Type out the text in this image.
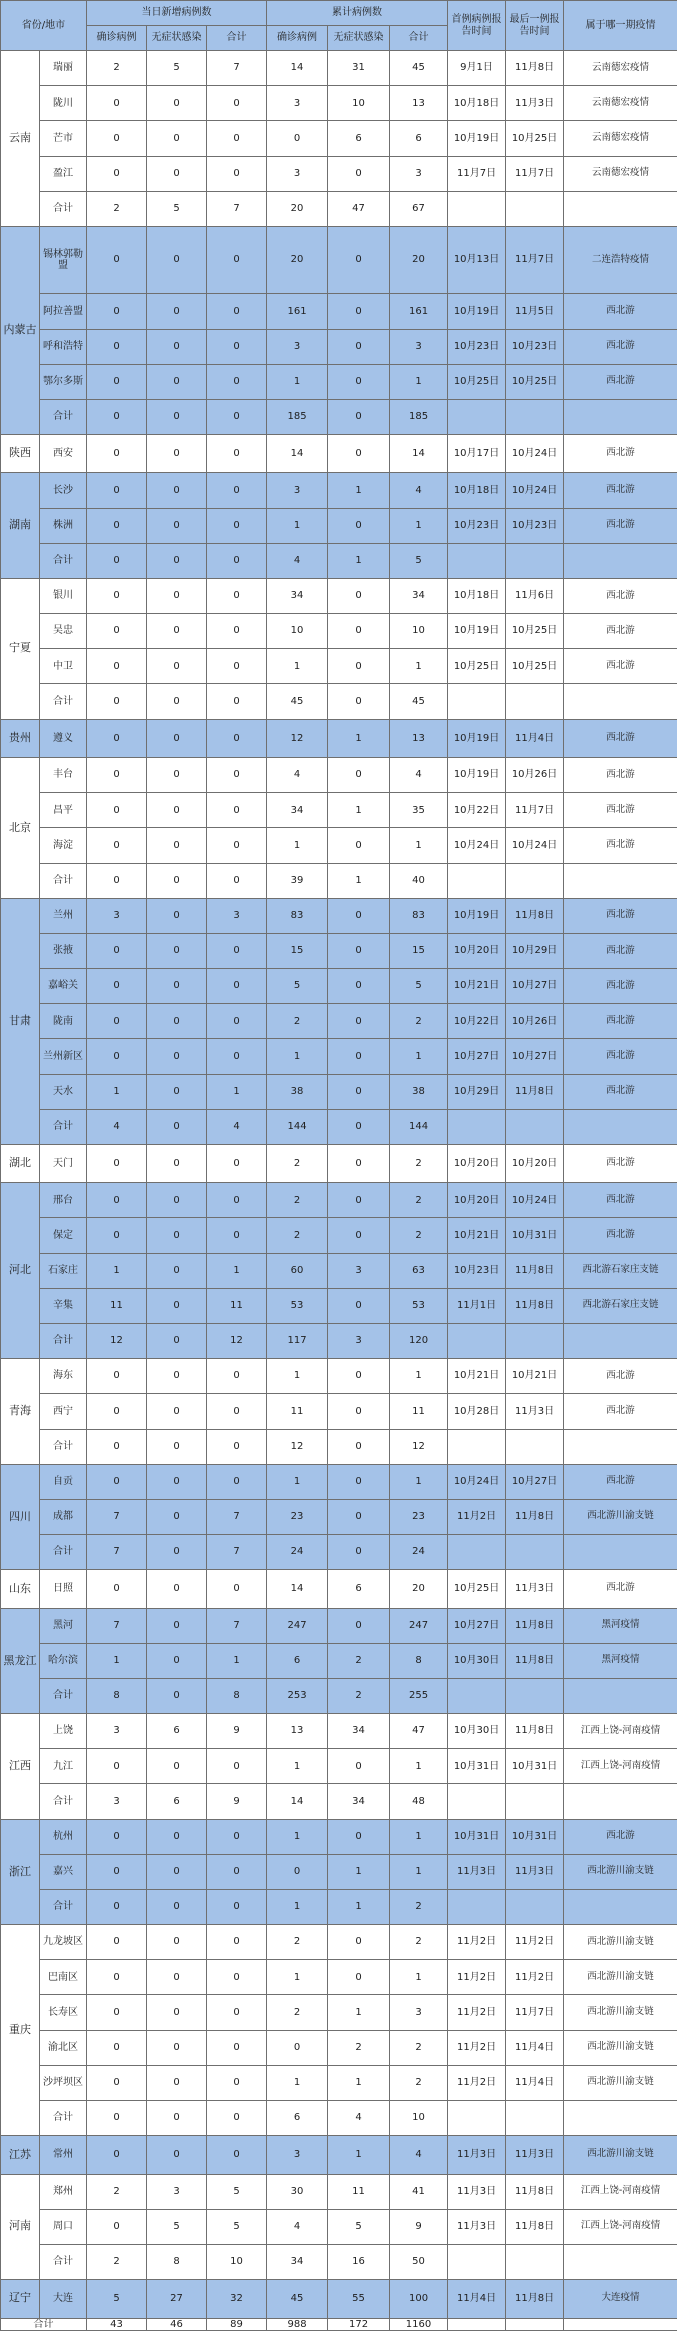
省份/地市		当日新增病例数			累计病例数			首例病例报告时间	最后一例报告时间	属于哪一期疫情
		确诊病例	无症状感染	合计	确诊病例	无症状感染	合计			
云南	瑞丽	2	5	7	14	31	45	9月1日	11月8日	云南德宏疫情
	陇川	0	0	0	3	10	13	10月18日	11月3日	云南德宏疫情
	芒市	0	0	0	0	6	6	10月19日	10月25日	云南德宏疫情
	盈江	0	0	0	3	0	3	11月7日	11月7日	云南德宏疫情
	合计	2	5	7	20	47	67			
内蒙古	锡林郭勒盟	0	0	0	20	0	20	10月13日	11月7日	二连浩特疫情
	阿拉善盟	0	0	0	161	0	161	10月19日	11月5日	西北游
	呼和浩特	0	0	0	3	0	3	10月23日	10月23日	西北游
	鄂尔多斯	0	0	0	1	0	1	10月25日	10月25日	西北游
	合计	0	0	0	185	0	185			
陕西	西安	0	0	0	14	0	14	10月17日	10月24日	西北游
湖南	长沙	0	0	0	3	1	4	10月18日	10月24日	西北游
	株洲	0	0	0	1	0	1	10月23日	10月23日	西北游
	合计	0	0	0	4	1	5			
宁夏	银川	0	0	0	34	0	34	10月18日	11月6日	西北游
	吴忠	0	0	0	10	0	10	10月19日	10月25日	西北游
	中卫	0	0	0	1	0	1	10月25日	10月25日	西北游
	合计	0	0	0	45	0	45			
贵州	遵义	0	0	0	12	1	13	10月19日	11月4日	西北游
北京	丰台	0	0	0	4	0	4	10月19日	10月26日	西北游
	昌平	0	0	0	34	1	35	10月22日	11月7日	西北游
	海淀	0	0	0	1	0	1	10月24日	10月24日	西北游
	合计	0	0	0	39	1	40			
甘肃	兰州	3	0	3	83	0	83	10月19日	11月8日	西北游
	张掖	0	0	0	15	0	15	10月20日	10月29日	西北游
	嘉峪关	0	0	0	5	0	5	10月21日	10月27日	西北游
	陇南	0	0	0	2	0	2	10月22日	10月26日	西北游
	兰州新区	0	0	0	1	0	1	10月27日	10月27日	西北游
	天水	1	0	1	38	0	38	10月29日	11月8日	西北游
	合计	4	0	4	144	0	144			
湖北	天门	0	0	0	2	0	2	10月20日	10月20日	西北游
河北	邢台	0	0	0	2	0	2	10月20日	10月24日	西北游
	保定	0	0	0	2	0	2	10月21日	10月31日	西北游
	石家庄	1	0	1	60	3	63	10月23日	11月8日	西北游石家庄支链
	辛集	11	0	11	53	0	53	11月1日	11月8日	西北游石家庄支链
	合计	12	0	12	117	3	120			
青海	海东	0	0	0	1	0	1	10月21日	10月21日	西北游
	西宁	0	0	0	11	0	11	10月28日	11月3日	西北游
	合计	0	0	0	12	0	12			
四川	自贡	0	0	0	1	0	1	10月24日	10月27日	西北游
	成都	7	0	7	23	0	23	11月2日	11月8日	西北游川渝支链
	合计	7	0	7	24	0	24			
山东	日照	0	0	0	14	6	20	10月25日	11月3日	西北游
黑龙江	黑河	7	0	7	247	0	247	10月27日	11月8日	黑河疫情
	哈尔滨	1	0	1	6	2	8	10月30日	11月8日	黑河疫情
	合计	8	0	8	253	2	255			
江西	上饶	3	6	9	13	34	47	10月30日	11月8日	江西上饶-河南疫情
	九江	0	0	0	1	0	1	10月31日	10月31日	江西上饶-河南疫情
	合计	3	6	9	14	34	48			
浙江	杭州	0	0	0	1	0	1	10月31日	10月31日	西北游
	嘉兴	0	0	0	0	1	1	11月3日	11月3日	西北游川渝支链
	合计	0	0	0	1	1	2			
重庆	九龙坡区	0	0	0	2	0	2	11月2日	11月2日	西北游川渝支链
	巴南区	0	0	0	1	0	1	11月2日	11月2日	西北游川渝支链
	长寿区	0	0	0	2	1	3	11月2日	11月7日	西北游川渝支链
	渝北区	0	0	0	0	2	2	11月2日	11月4日	西北游川渝支链
	沙坪坝区	0	0	0	1	1	2	11月2日	11月4日	西北游川渝支链
	合计	0	0	0	6	4	10			
江苏	常州	0	0	0	3	1	4	11月3日	11月3日	西北游川渝支链
河南	郑州	2	3	5	30	11	41	11月3日	11月8日	江西上饶-河南疫情
	周口	0	5	5	4	5	9	11月3日	11月8日	江西上饶-河南疫情
	合计	2	8	10	34	16	50			
辽宁	大连	5	27	32	45	55	100	11月4日	11月8日	大连疫情
合计		43	46	89	988	172	1160			
